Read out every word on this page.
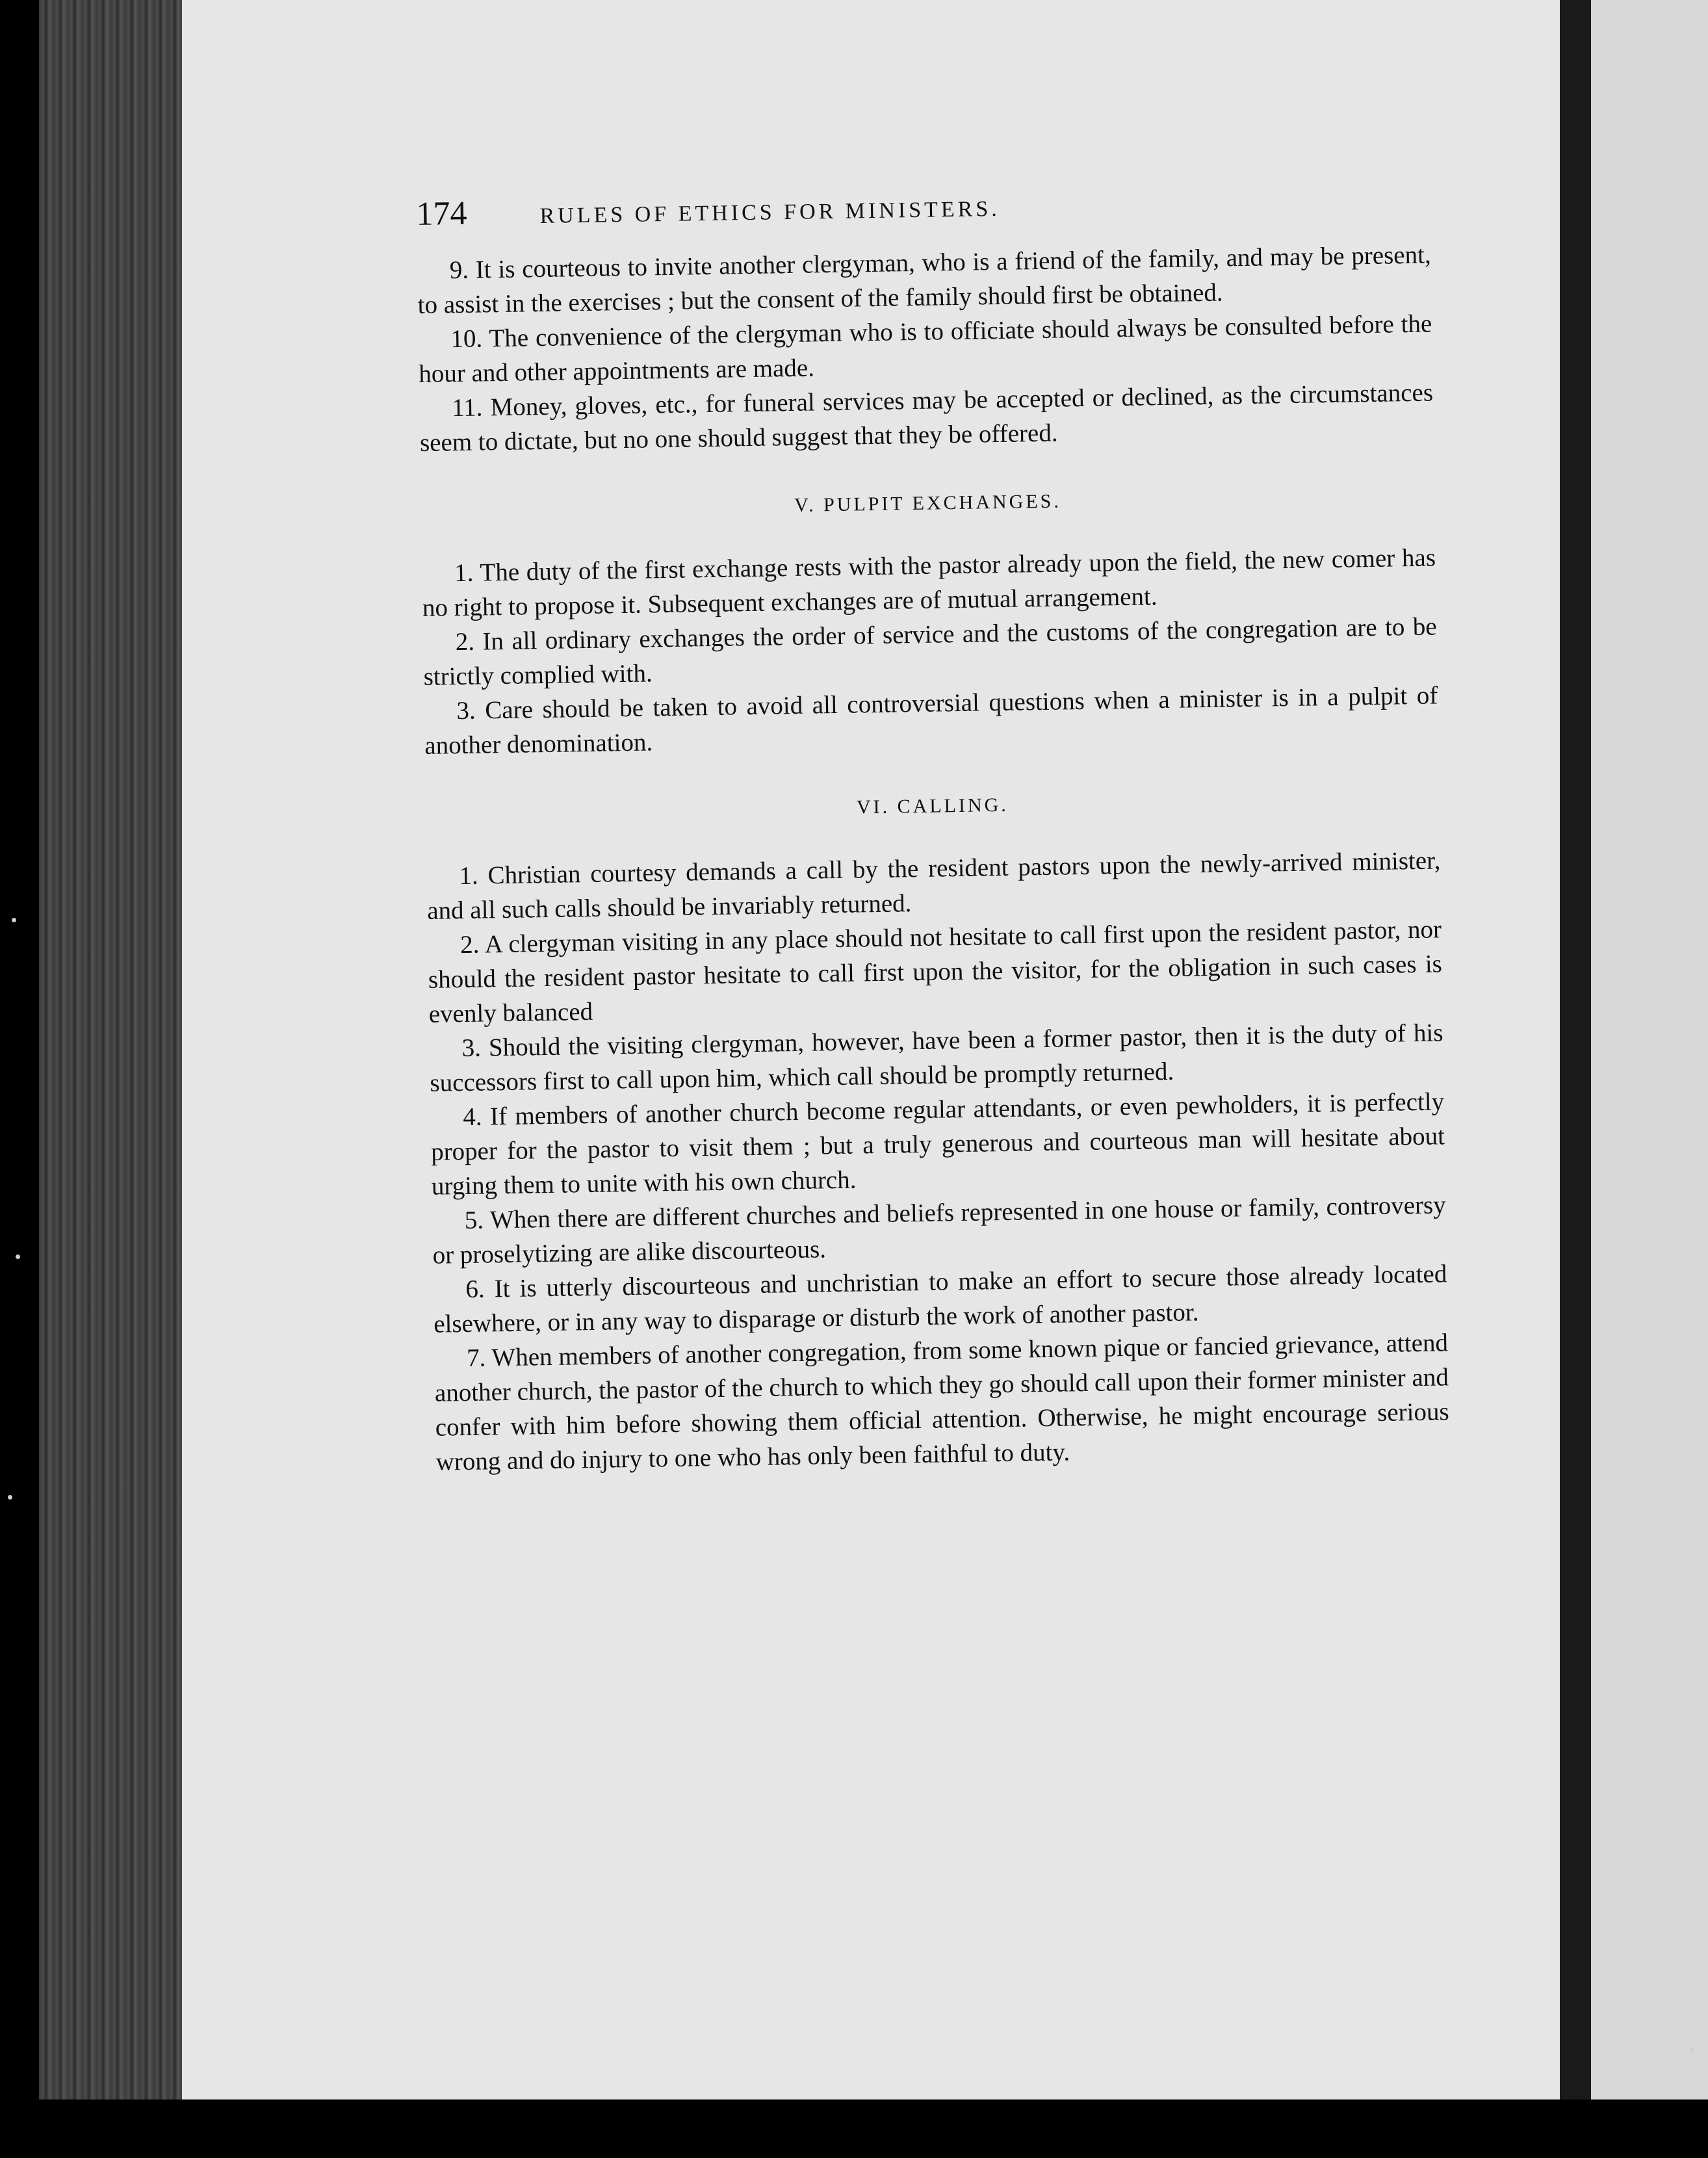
174	RULES OF ETHICS FOR MINISTERS.

9. It is courteous to invite another clergyman, who is a friend of the family, and may be present, to assist in the exercises ; but the consent of the family should first be obtained.

10. The convenience of the clergyman who is to officiate should always be consulted before the hour and other appointments are made.

11. Money, gloves, etc., for funeral services may be accepted or declined, as the circumstances seem to dictate, but no one should suggest that they be offered.

V. PULPIT EXCHANGES.

1. The duty of the first exchange rests with the pastor already upon the field, the new comer has no right to propose it. Subsequent exchanges are of mutual arrangement.

2. In all ordinary exchanges the order of service and the customs of the congregation are to be strictly complied with.

3. Care should be taken to avoid all controversial questions when a minister is in a pulpit of another denomination.

VI. CALLING.

1. Christian courtesy demands a call by the resident pastors upon the newly-arrived minister, and all such calls should be invariably returned.

2. A clergyman visiting in any place should not hesitate to call first upon the resident pastor, nor should the resident pastor hesitate to call first upon the visitor, for the obligation in such cases is evenly balanced

3. Should the visiting clergyman, however, have been a former pastor, then it is the duty of his successors first to call upon him, which call should be promptly returned.

4. If members of another church become regular attendants, or even pewholders, it is perfectly proper for the pastor to visit them ; but a truly generous and courteous man will hesitate about urging them to unite with his own church.

5. When there are different churches and beliefs represented in one house or family, controversy or proselytizing are alike discourteous.

6. It is utterly discourteous and unchristian to make an effort to secure those already located elsewhere, or in any way to disparage or disturb the work of another pastor.

7. When members of another congregation, from some known pique or fancied grievance, attend another church, the pastor of the church to which they go should call upon their former minister and confer with him before showing them official attention. Otherwise, he might encourage serious wrong and do injury to one who has only been faithful to duty.
